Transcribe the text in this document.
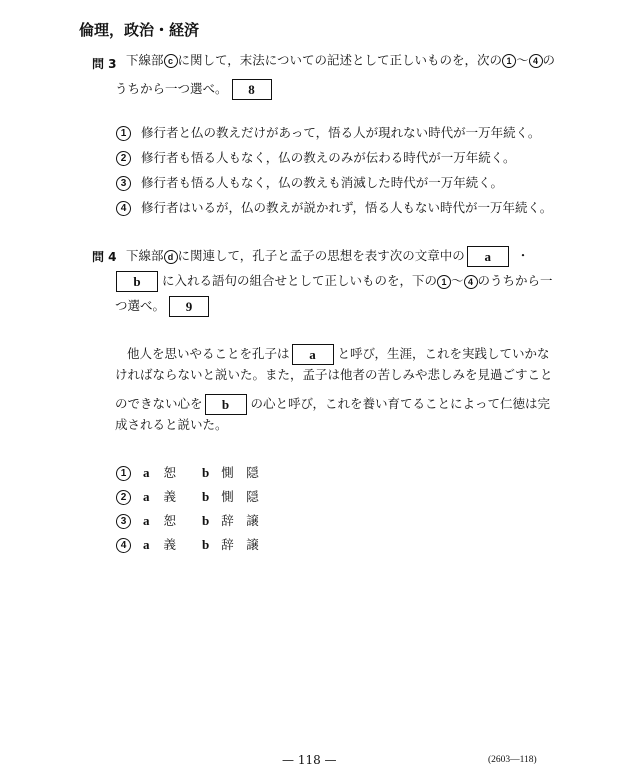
倫理，政治・経済
問 3 下線部 c に関して，末法についての記述として正しいものを，次の 1 〜 4 の
うちから一つ選べ。 8
1 修行者と仏の教えだけがあって，悟る人が現れない時代が一万年続く。
2 修行者も悟る人もなく，仏の教えのみが伝わる時代が一万年続く。
3 修行者も悟る人もなく，仏の教えも消滅した時代が一万年続く。
4 修行者はいるが，仏の教えが説かれず，悟る人もない時代が一万年続く。
問 4 下線部 d に関連して，孔子と孟子の思想を表す次の文章中の a ・
b に入れる語句の組合せとして正しいものを，下の 1 〜 4 のうちから一
つ選べ。 9
他人を思いやることを孔子は a と呼び，生涯，これを実践していかな
ければならないと説いた。また，孟子は他者の苦しみや悲しみを見過ごすこと
のできない心を b の心と呼び，これを養い育てることによって仁徳は完
成されると説いた。
1 a 恕 b 惻　隠
2 a 義 b 惻　隠
3 a 恕 b 辞　譲
4 a 義 b 辞　譲
— 118 —	(2603—118)
